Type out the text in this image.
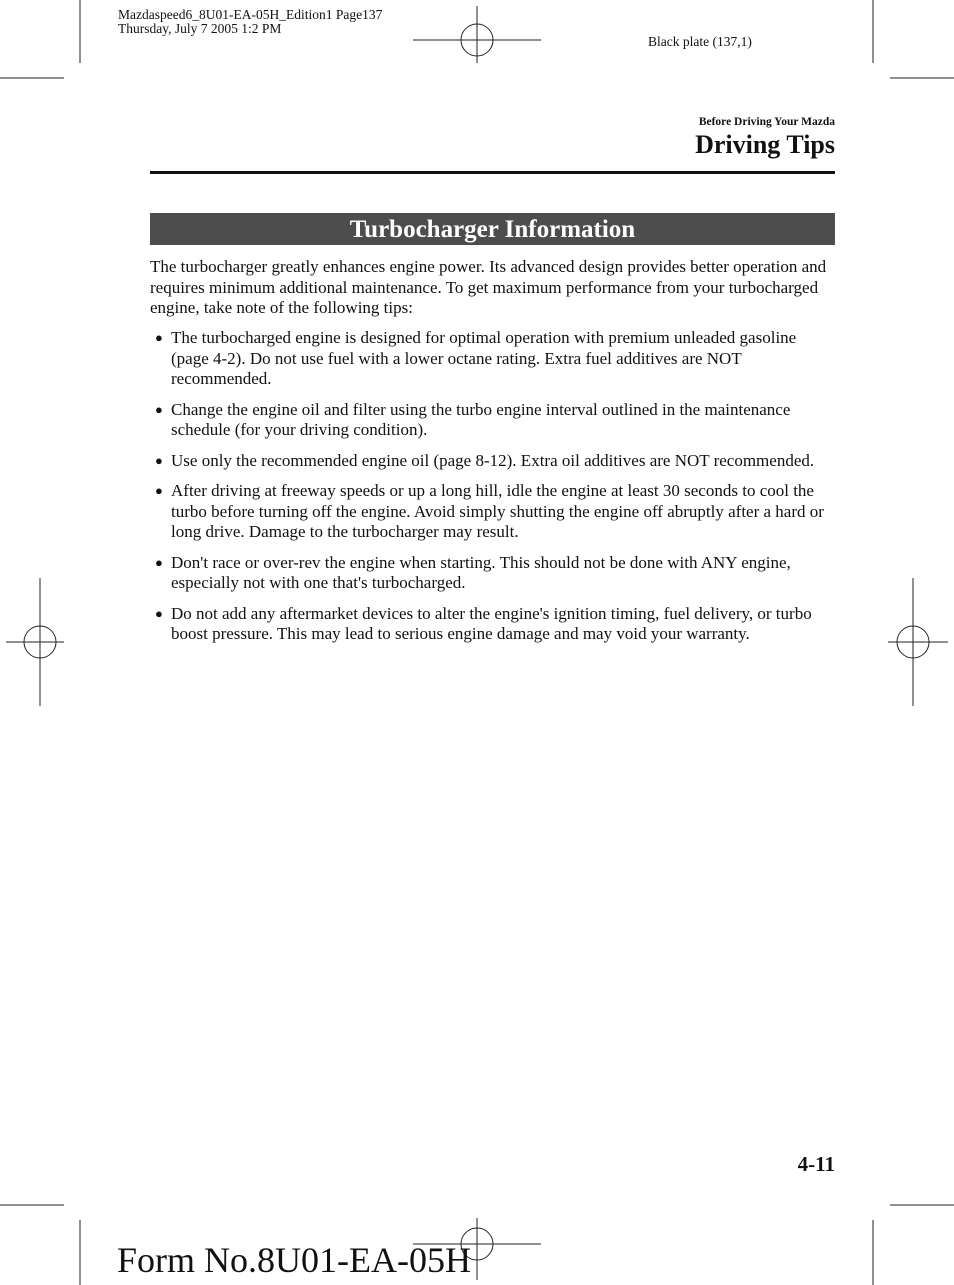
Mazdaspeed6_8U01-EA-05H_Edition1 Page137
Thursday, July 7 2005 1:2 PM
Black plate (137,1)
Before Driving Your Mazda
Driving Tips
Turbocharger Information
The turbocharger greatly enhances engine power. Its advanced design provides better operation and requires minimum additional maintenance. To get maximum performance from your turbocharged engine, take note of the following tips:
● The turbocharged engine is designed for optimal operation with premium unleaded gasoline (page 4-2). Do not use fuel with a lower octane rating. Extra fuel additives are NOT recommended.
● Change the engine oil and filter using the turbo engine interval outlined in the maintenance schedule (for your driving condition).
● Use only the recommended engine oil (page 8-12). Extra oil additives are NOT recommended.
● After driving at freeway speeds or up a long hill, idle the engine at least 30 seconds to cool the turbo before turning off the engine. Avoid simply shutting the engine off abruptly after a hard or long drive. Damage to the turbocharger may result.
● Don't race or over-rev the engine when starting. This should not be done with ANY engine, especially not with one that's turbocharged.
● Do not add any aftermarket devices to alter the engine's ignition timing, fuel delivery, or turbo boost pressure. This may lead to serious engine damage and may void your warranty.
4-11
Form No.8U01-EA-05H
